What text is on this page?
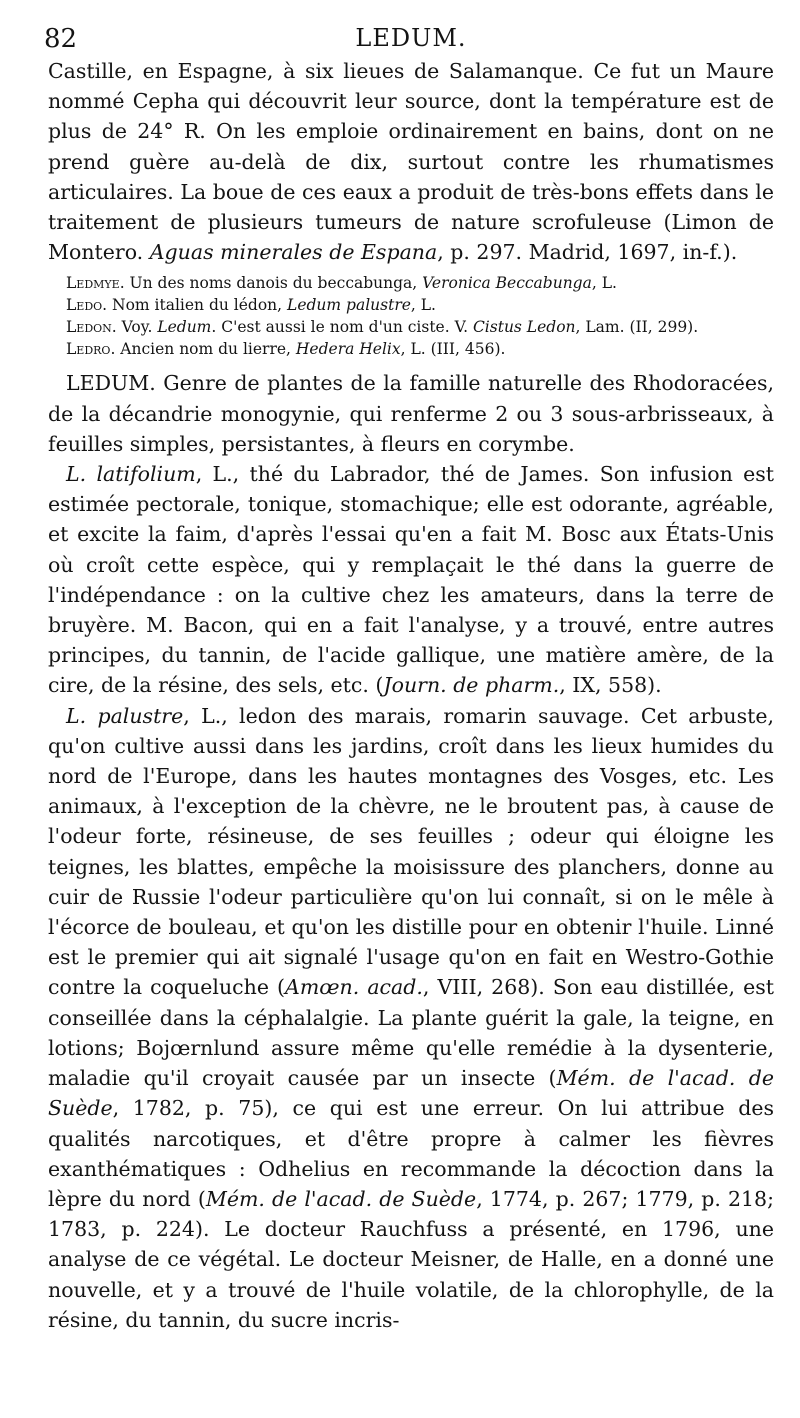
82	LEDUM.

Castille, en Espagne, à six lieues de Salamanque. Ce fut un Maure nommé Cepha qui découvrit leur source, dont la température est de plus de 24° R. On les emploie ordinairement en bains, dont on ne prend guère au-delà de dix, surtout contre les rhumatismes articulaires. La boue de ces eaux a produit de très-bons effets dans le traitement de plusieurs tumeurs de nature scrofuleuse (Limon de Montero. Aguas minerales de Espana, p. 297. Madrid, 1697, in-f.).

Ledmye. Un des noms danois du beccabunga, Veronica Beccabunga, L.

Ledo. Nom italien du lédon, Ledum palustre, L.

Ledon. Voy. Ledum. C'est aussi le nom d'un ciste. V. Cistus Ledon, Lam. (II, 299).

Ledro. Ancien nom du lierre, Hedera Helix, L. (III, 456).

LEDUM. Genre de plantes de la famille naturelle des Rhodoracées, de la décandrie monogynie, qui renferme 2 ou 3 sous-arbrisseaux, à feuilles simples, persistantes, à fleurs en corymbe.

L. latifolium, L., thé du Labrador, thé de James. Son infusion est estimée pectorale, tonique, stomachique; elle est odorante, agréable, et excite la faim, d'après l'essai qu'en a fait M. Bosc aux États-Unis où croît cette espèce, qui y remplaçait le thé dans la guerre de l'indépendance : on la cultive chez les amateurs, dans la terre de bruyère. M. Bacon, qui en a fait l'analyse, y a trouvé, entre autres principes, du tannin, de l'acide gallique, une matière amère, de la cire, de la résine, des sels, etc. (Journ. de pharm., IX, 558).

L. palustre, L., ledon des marais, romarin sauvage. Cet arbuste, qu'on cultive aussi dans les jardins, croît dans les lieux humides du nord de l'Europe, dans les hautes montagnes des Vosges, etc. Les animaux, à l'exception de la chèvre, ne le broutent pas, à cause de l'odeur forte, résineuse, de ses feuilles ; odeur qui éloigne les teignes, les blattes, empêche la moisissure des planchers, donne au cuir de Russie l'odeur particulière qu'on lui connaît, si on le mêle à l'écorce de bouleau, et qu'on les distille pour en obtenir l'huile. Linné est le premier qui ait signalé l'usage qu'on en fait en Westro-Gothie contre la coqueluche (Amœn. acad., VIII, 268). Son eau distillée, est conseillée dans la céphalalgie. La plante guérit la gale, la teigne, en lotions; Bojœrnlund assure même qu'elle remédie à la dysenterie, maladie qu'il croyait causée par un insecte (Mém. de l'acad. de Suède, 1782, p. 75), ce qui est une erreur. On lui attribue des qualités narcotiques, et d'être propre à calmer les fièvres exanthématiques : Odhelius en recommande la décoction dans la lèpre du nord (Mém. de l'acad. de Suède, 1774, p. 267; 1779, p. 218; 1783, p. 224). Le docteur Rauchfuss a présenté, en 1796, une analyse de ce végétal. Le docteur Meisner, de Halle, en a donné une nouvelle, et y a trouvé de l'huile volatile, de la chlorophylle, de la résine, du tannin, du sucre incris-
